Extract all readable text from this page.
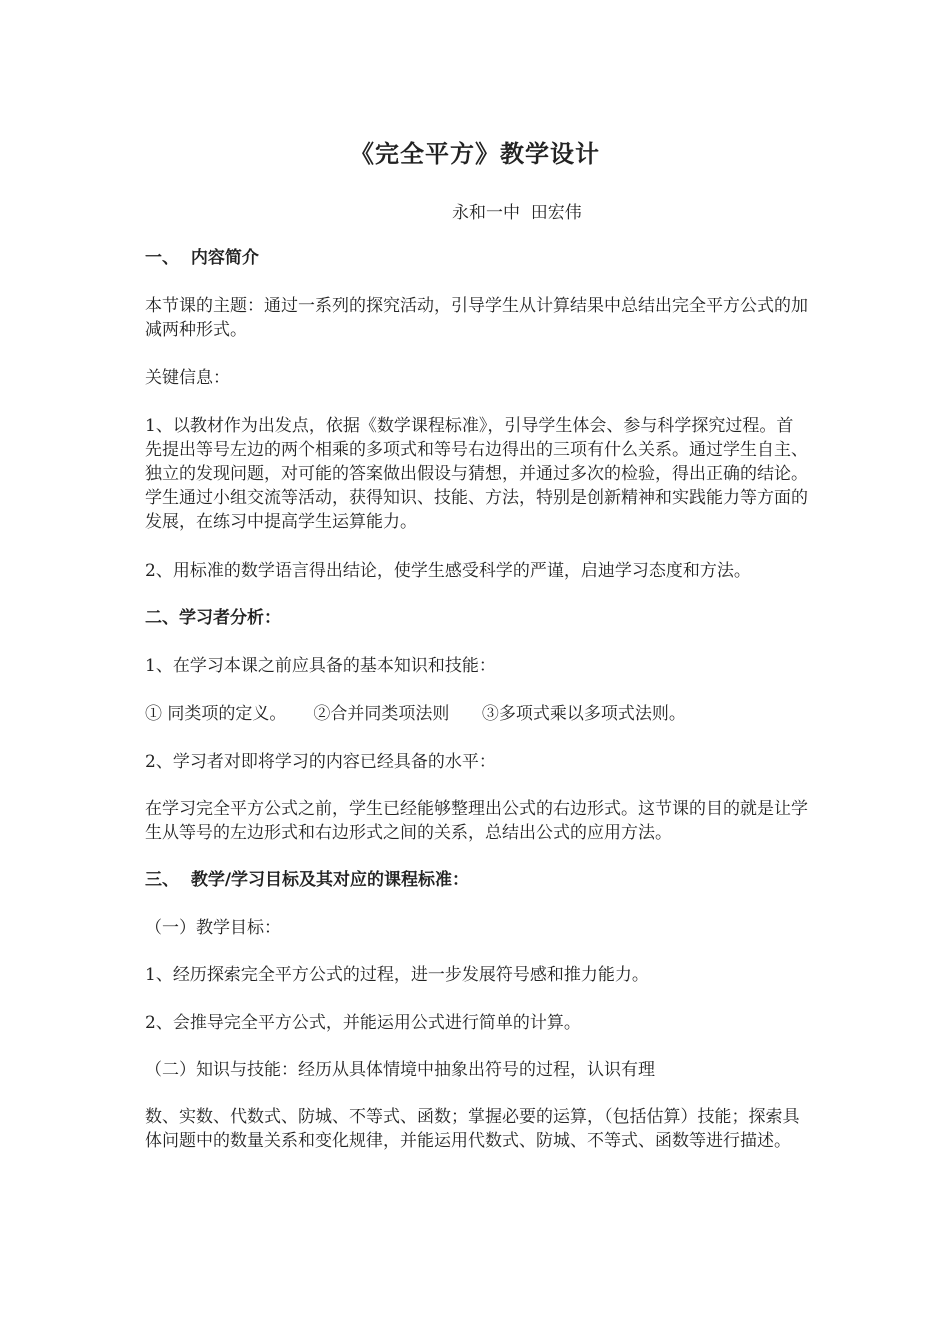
《完全平方》教学设计
永和一中  田宏伟
一、  内容简介
本节课的主题：通过一系列的探究活动，引导学生从计算结果中总结出完全平方公式的加减两种形式。
关键信息：
1、以教材作为出发点，依据《数学课程标准》，引导学生体会、参与科学探究过程。首先提出等号左边的两个相乘的多项式和等号右边得出的三项有什么关系。通过学生自主、独立的发现问题，对可能的答案做出假设与猜想，并通过多次的检验，得出正确的结论。学生通过小组交流等活动，获得知识、技能、方法，特别是创新精神和实践能力等方面的发展，在练习中提高学生运算能力。
2、用标准的数学语言得出结论，使学生感受科学的严谨，启迪学习态度和方法。
二、学习者分析：
1、在学习本课之前应具备的基本知识和技能：
① 同类项的定义。     ②合并同类项法则      ③多项式乘以多项式法则。
2、学习者对即将学习的内容已经具备的水平：
在学习完全平方公式之前，学生已经能够整理出公式的右边形式。这节课的目的就是让学生从等号的左边形式和右边形式之间的关系，总结出公式的应用方法。
三、  教学/学习目标及其对应的课程标准：
（一）教学目标：
1、经历探索完全平方公式的过程，进一步发展符号感和推力能力。
2、会推导完全平方公式，并能运用公式进行简单的计算。
（二）知识与技能：经历从具体情境中抽象出符号的过程，认识有理
数、实数、代数式、防城、不等式、函数；掌握必要的运算，（包括估算）技能；探索具体问题中的数量关系和变化规律，并能运用代数式、防城、不等式、函数等进行描述。
